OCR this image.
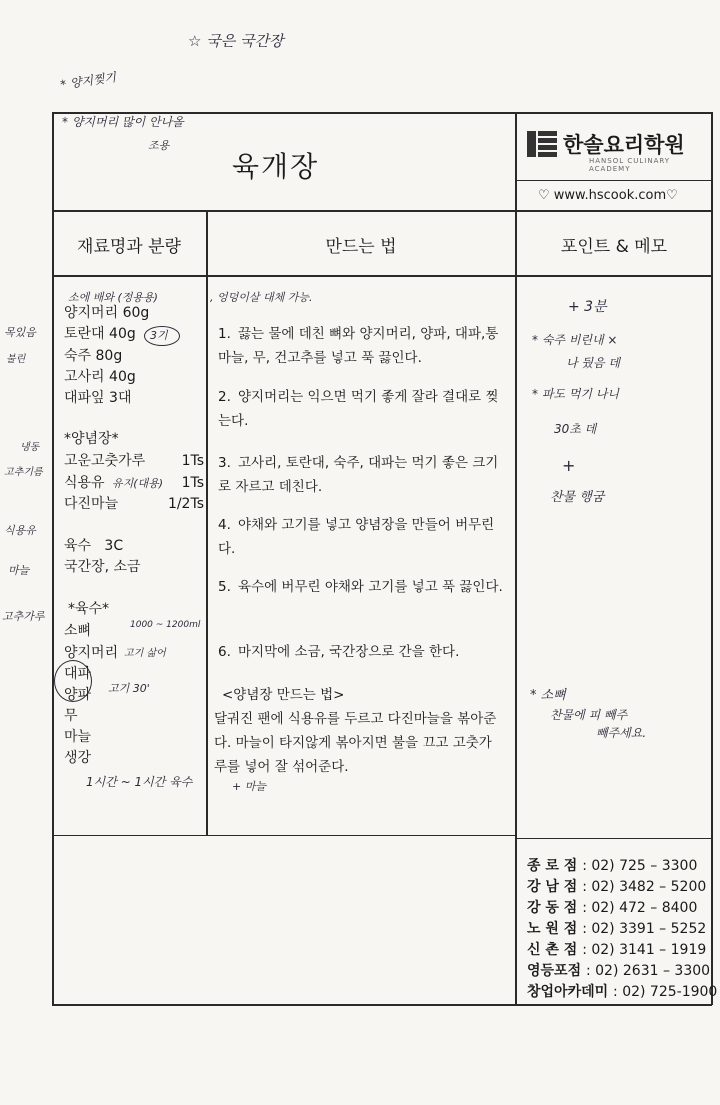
육개장
한솔요리학원
HANSOL CULINARY ACADEMY
♡ www.hscook.com♡
재료명과 분량	만드는 법	포인트 & 메모
양지머리 60g
토란대 40g
숙주 80g
고사리 40g
대파잎 3대
*양념장*
고운고춧가루	1Ts
식용유	1Ts
다진마늘	1/2Ts
육수 3C
국간장, 소금
*육수*
소뼈
양지머리
대파
양파
무
마늘
생강
1. 끓는 물에 데친 뼈와 양지머리, 양파, 대파,통마늘, 무, 건고추를 넣고 푹 끓인다.
2. 양지머리는 익으면 먹기 좋게 잘라 결대로 찢는다.
3. 고사리, 토란대, 숙주, 대파는 먹기 좋은 크기로 자르고 데친다.
4. 야채와 고기를 넣고 양념장을 만들어 버무린다.
5. 육수에 버무린 야채와 고기를 넣고 푹 끓인다.
6. 마지막에 소금, 국간장으로 간을 한다.
<양념장 만드는 법>
달궈진 팬에 식용유를 두르고 다진마늘을 볶아준다. 마늘이 타지않게 볶아지면 불을 끄고 고춧가루를 넣어 잘 섞어준다.
종 로 점 : 02) 725 – 3300
강 남 점 : 02) 3482 – 5200
강 동 점 : 02) 472 – 8400
노 원 점 : 02) 3391 – 5252
신 촌 점 : 02) 3141 – 1919
영등포점 : 02) 2631 – 3300
창업아카데미 : 02) 725-1900
☆ 국은 국간장
* 양지찢기
* 양지머리 많이 안나올
조용
소에 배와 (정용용)	, 엉덩이살 대체 가능.
3기
유지(대용)
1000 ~ 1200ml
고기 삶어
고기 30'
1시간 ~ 1시간 육수	+ 마늘
목있음
불린
냉동
고추기름
식용유
마늘
고추가루
+ 3분
* 숙주 비린내 ×
나 뒀음 데
* 파도 먹기 나니
30초 데
+
찬물 행굼
* 소뼈
찬물에 피 빼주
빼주세요.
